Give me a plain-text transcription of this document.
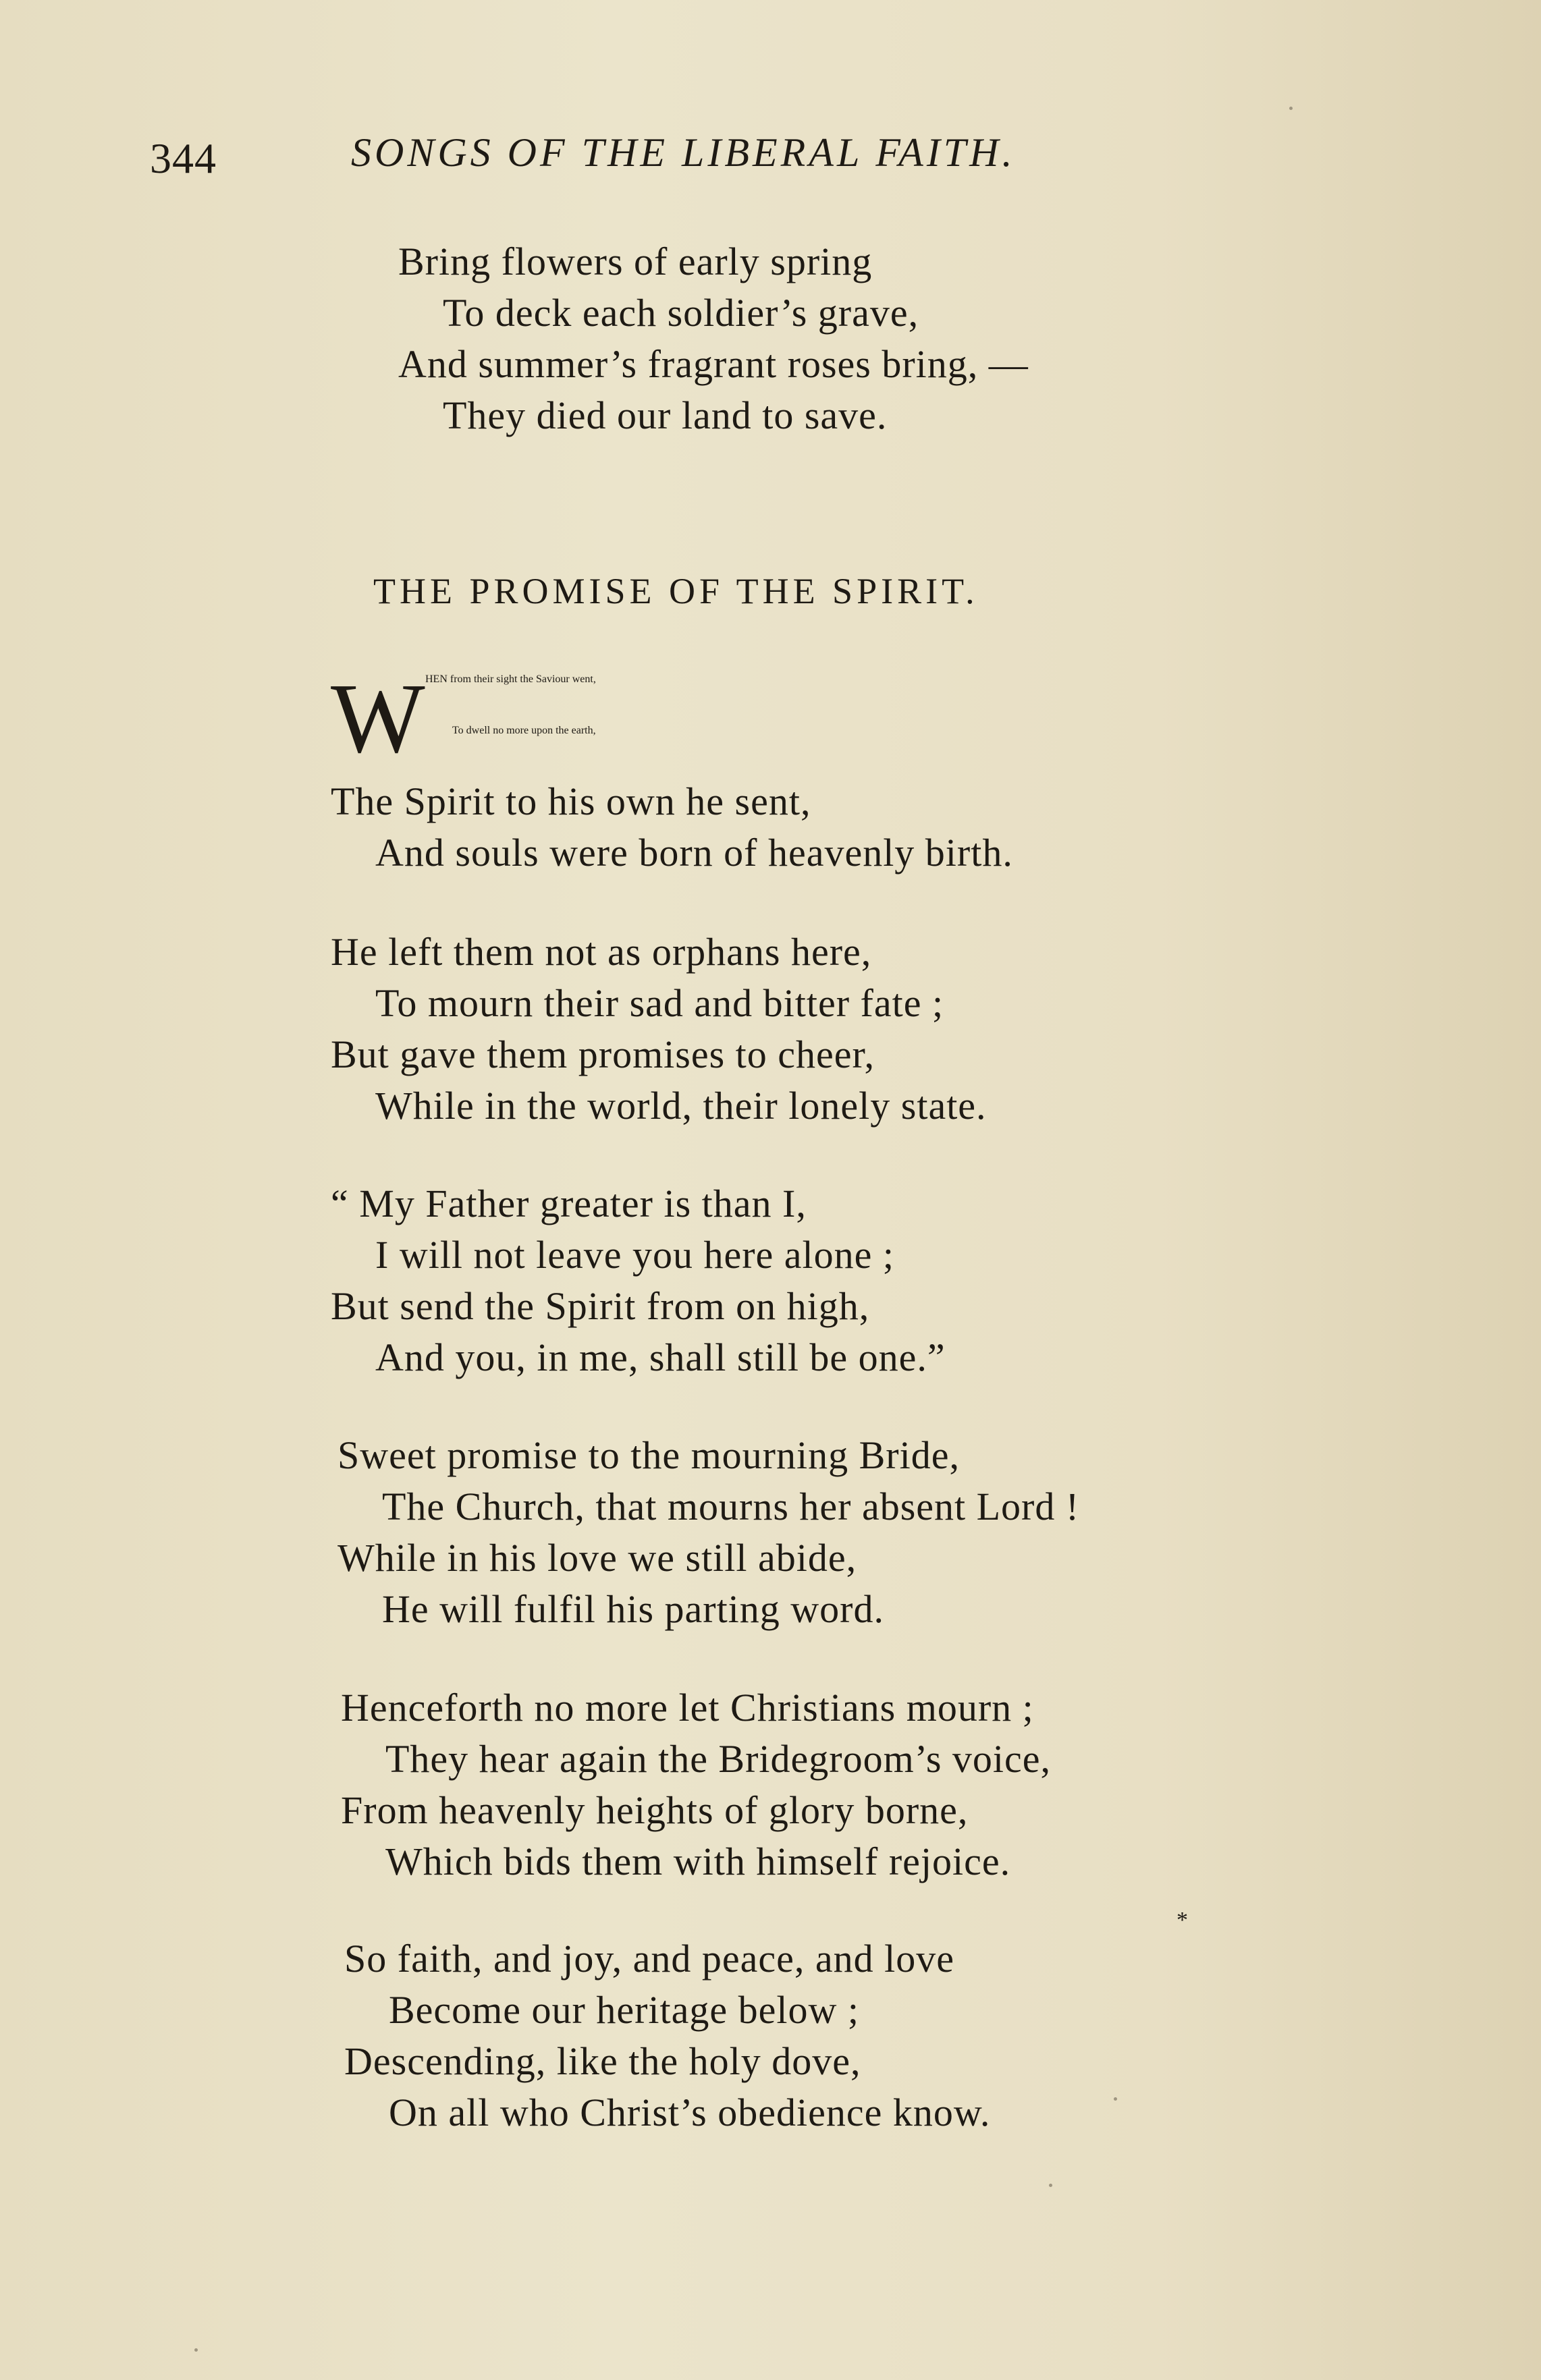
344	SONGS OF THE LIBERAL FAITH.
Bring flowers of early spring
To deck each soldier’s grave,
And summer’s fragrant roses bring, —
They died our land to save.
THE PROMISE OF THE SPIRIT.
W HEN from their sight the Saviour went,
To dwell no more upon the earth,
The Spirit to his own he sent,
And souls were born of heavenly birth.
He left them not as orphans here,
To mourn their sad and bitter fate ;
But gave them promises to cheer,
While in the world, their lonely state.
“ My Father greater is than I,
I will not leave you here alone ;
But send the Spirit from on high,
And you, in me, shall still be one.”
Sweet promise to the mourning Bride,
The Church, that mourns her absent Lord !
While in his love we still abide,
He will fulfil his parting word.
Henceforth no more let Christians mourn ;
They hear again the Bridegroom’s voice,
From heavenly heights of glory borne,
Which bids them with himself rejoice.
*
So faith, and joy, and peace, and love
Become our heritage below ;
Descending, like the holy dove,
On all who Christ’s obedience know.
